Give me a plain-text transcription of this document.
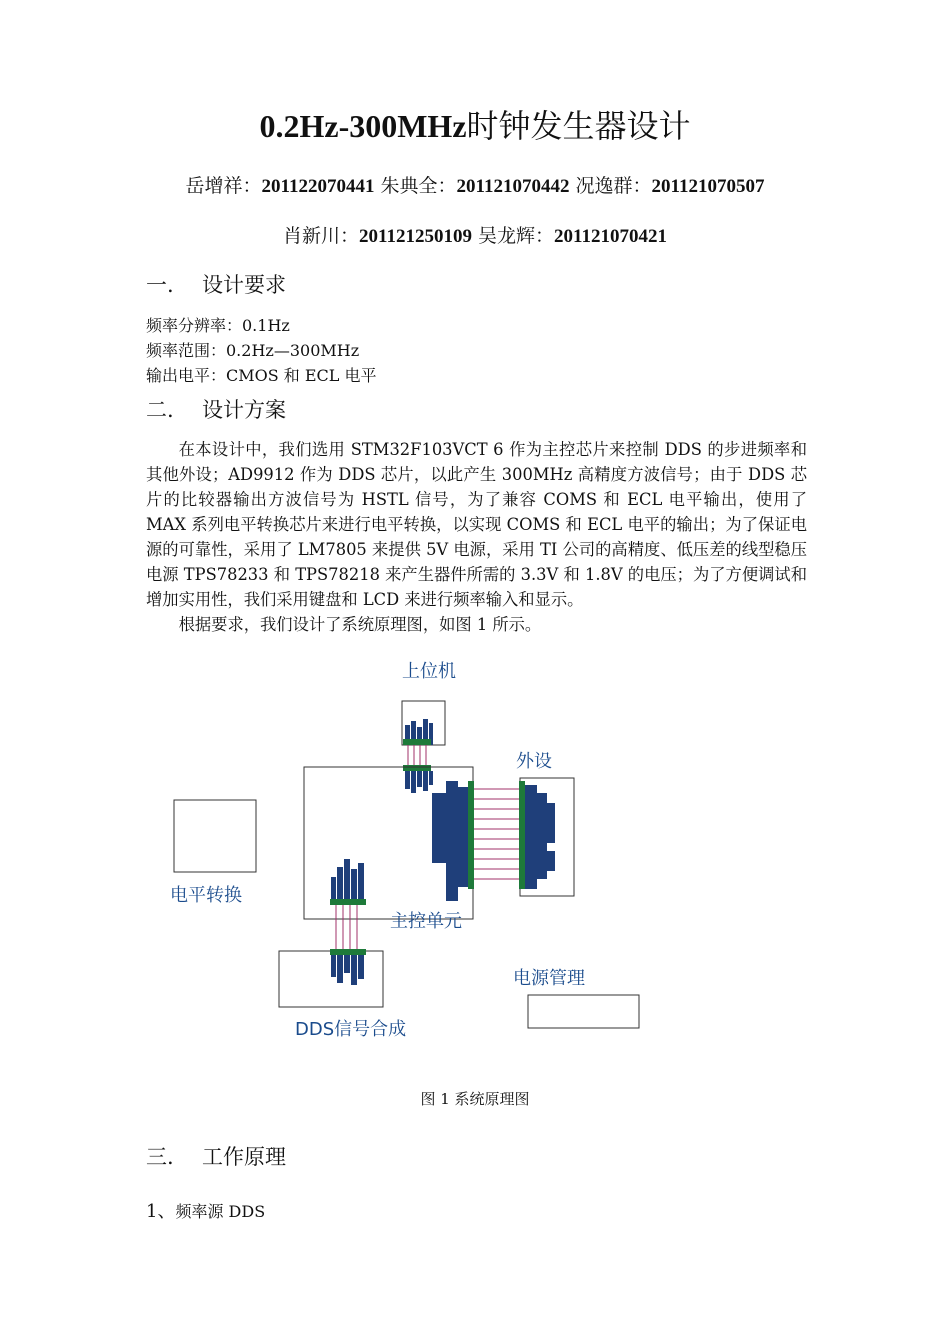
0.2Hz-300MHz时钟发生器设计
岳增祥：201122070441 朱典全：201121070442 况逸群：201121070507
肖新川：201121250109 吴龙辉：201121070421
一. 设计要求
频率分辨率：0.1Hz
频率范围：0.2Hz—300MHz
输出电平：CMOS 和 ECL 电平
二. 设计方案

在本设计中，我们选用 STM32F103VCT 6 作为主控芯片来控制 DDS 的步进频率和其他外设；AD9912 作为 DDS 芯片，以此产生 300MHz 高精度方波信号；由于 DDS 芯片的比较器输出方波信号为 HSTL 信号，为了兼容 COMS 和 ECL 电平输出，使用了 MAX 系列电平转换芯片来进行电平转换，以实现 COMS 和 ECL 电平的输出；为了保证电源的可靠性，采用了 LM7805 来提供 5V 电源，采用 TI 公司的高精度、低压差的线型稳压电源 TPS78233 和 TPS78218 来产生器件所需的 3.3V 和 1.8V 的电压；为了方便调试和增加实用性，我们采用键盘和 LCD 来进行频率输入和显示。

根据要求，我们设计了系统原理图，如图 1 所示。

上位机
主控单元
外设
电平转换
DDS信号合成
电源管理
图 1 系统原理图
三. 工作原理
1、频率源 DDS
